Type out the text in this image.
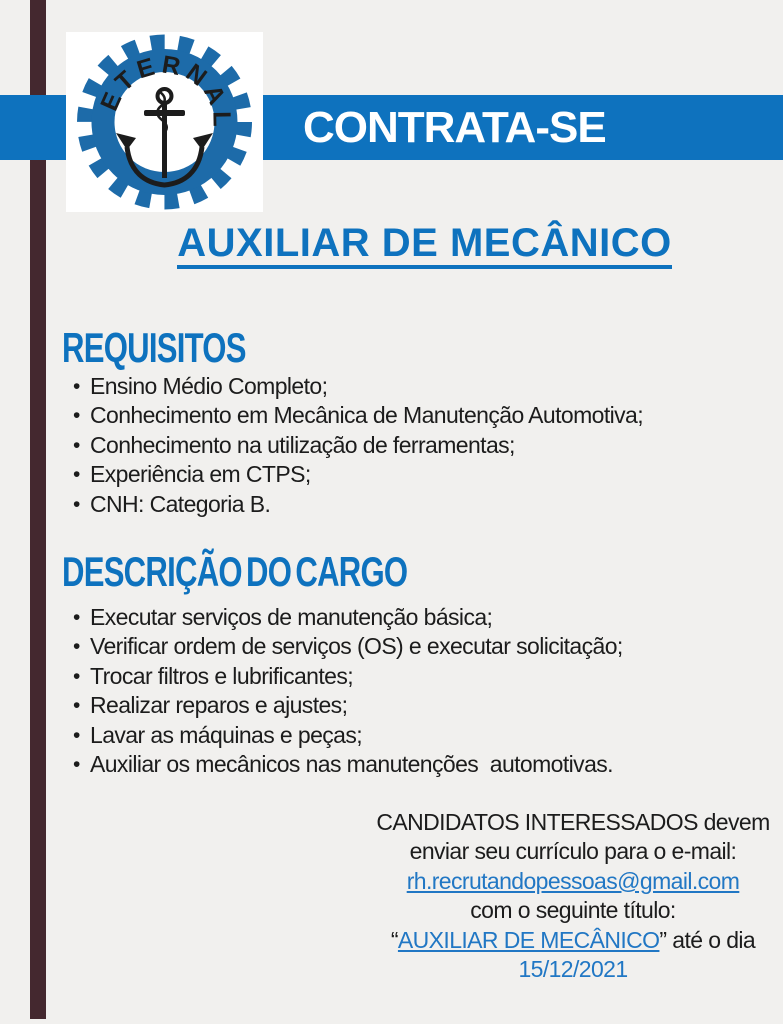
CONTRATA-SE
ETERNAL
AUXILIAR DE MECÂNICO
REQUISITOS
• Ensino Médio Completo;
• Conhecimento em Mecânica de Manutenção Automotiva;
• Conhecimento na utilização de ferramentas;
• Experiência em CTPS;
• CNH: Categoria B.
DESCRIÇÃO DO CARGO
• Executar serviços de manutenção básica;
• Verificar ordem de serviços (OS) e executar solicitação;
• Trocar filtros e lubrificantes;
• Realizar reparos e ajustes;
• Lavar as máquinas e peças;
• Auxiliar os mecânicos nas manutenções  automotivas.
CANDIDATOS INTERESSADOS devem
enviar seu currículo para o e-mail:
rh.recrutandopessoas@gmail.com
com o seguinte título:
“AUXILIAR DE MECÂNICO” até o dia
15/12/2021
